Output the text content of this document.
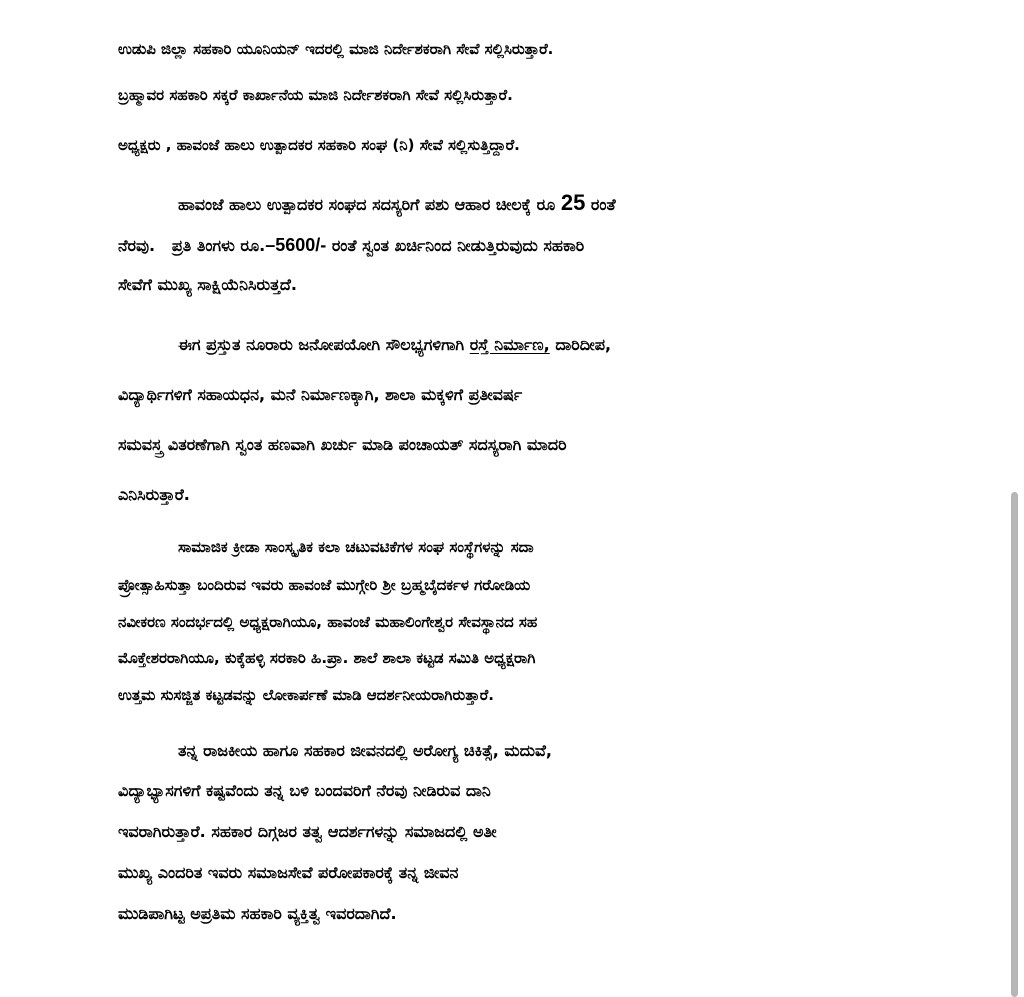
ಉಡುಪಿ ಜಿಲ್ಲಾ ಸಹಕಾರಿ ಯೂನಿಯನ್ ಇದರಲ್ಲಿ ಮಾಜಿ ನಿರ್ದೇಶಕರಾಗಿ ಸೇವೆ ಸಲ್ಲಿಸಿರುತ್ತಾರೆ.
ಬ್ರಹ್ಮಾವರ ಸಹಕಾರಿ ಸಕ್ಕರೆ ಕಾರ್ಖಾನೆಯ ಮಾಜಿ ನಿರ್ದೇಶಕರಾಗಿ ಸೇವೆ ಸಲ್ಲಿಸಿರುತ್ತಾರೆ.
ಅಧ್ಯಕ್ಷರು , ಹಾವಂಜೆ ಹಾಲು ಉತ್ಪಾದಕರ ಸಹಕಾರಿ ಸಂಘ (ನಿ) ಸೇವೆ ಸಲ್ಲಿಸುತ್ತಿದ್ದಾರೆ.
ಹಾವಂಜೆ ಹಾಲು ಉತ್ಪಾದಕರ ಸಂಘದ ಸದಸ್ಯರಿಗೆ ಪಶು ಆಹಾರ ಚೀಲಕ್ಕೆ ರೂ 25 ರಂತೆ
ನೆರವು. ಪ್ರತಿ ತಿಂಗಳು ರೂ.–5600/- ರಂತೆ ಸ್ವಂತ ಖರ್ಚಿನಿಂದ ನೀಡುತ್ತಿರುವುದು ಸಹಕಾರಿ
ಸೇವೆಗೆ ಮುಖ್ಯ ಸಾಕ್ಷಿಯೆನಿಸಿರುತ್ತದೆ.
ಈಗ ಪ್ರಸ್ತುತ ನೂರಾರು ಜನೋಪಯೋಗಿ ಸೌಲಭ್ಯಗಳಿಗಾಗಿ ರಸ್ತೆ ನಿರ್ಮಾಣ, ದಾರಿದೀಪ,
ವಿದ್ಯಾರ್ಥಿಗಳಿಗೆ ಸಹಾಯಧನ, ಮನೆ ನಿರ್ಮಾಣಕ್ಕಾಗಿ, ಶಾಲಾ ಮಕ್ಕಳಿಗೆ ಪ್ರತೀವರ್ಷ
ಸಮವಸ್ತ್ರ ವಿತರಣೆಗಾಗಿ ಸ್ವಂತ ಹಣವಾಗಿ ಖರ್ಚು ಮಾಡಿ ಪಂಚಾಯತ್ ಸದಸ್ಯರಾಗಿ ಮಾದರಿ
ಎನಿಸಿರುತ್ತಾರೆ.
ಸಾಮಾಜಿಕ ಕ್ರೀಡಾ ಸಾಂಸ್ಕೃತಿಕ ಕಲಾ ಚಟುವಟಿಕೆಗಳ ಸಂಘ ಸಂಸ್ಥೆಗಳನ್ನು ಸದಾ
ಪ್ರೋತ್ಸಾಹಿಸುತ್ತಾ ಬಂದಿರುವ ಇವರು ಹಾವಂಜೆ ಮುಗ್ಗೇರಿ ಶ್ರೀ ಬ್ರಹ್ಮಬೈದರ್ಕಳ ಗರೋಡಿಯ
ನವೀಕರಣ ಸಂದರ್ಭದಲ್ಲಿ ಅಧ್ಯಕ್ಷರಾಗಿಯೂ, ಹಾವಂಜೆ ಮಹಾಲಿಂಗೇಶ್ವರ ಸೇವಸ್ಥಾನದ ಸಹ
ಮೊಕ್ತೇಶರರಾಗಿಯೂ, ಕುಕ್ಕೆಹಳ್ಳಿ ಸರಕಾರಿ ಹಿ.ಪ್ರಾ. ಶಾಲೆ ಶಾಲಾ ಕಟ್ಟಡ ಸಮಿತಿ ಅಧ್ಯಕ್ಷರಾಗಿ
ಉತ್ತಮ ಸುಸಜ್ಜಿತ ಕಟ್ಟಡವನ್ನು ಲೋಕಾರ್ಪಣೆ ಮಾಡಿ ಆದರ್ಶನೀಯರಾಗಿರುತ್ತಾರೆ.
ತನ್ನ ರಾಜಕೀಯ ಹಾಗೂ ಸಹಕಾರ ಜೀವನದಲ್ಲಿ ಅರೋಗ್ಯ ಚಿಕಿತ್ಸೆ, ಮದುವೆ,
ವಿದ್ಯಾಭ್ಯಾಸಗಳಿಗೆ ಕಷ್ಟವೆಂದು ತನ್ನ ಬಳಿ ಬಂದವರಿಗೆ ನೆರವು ನೀಡಿರುವ ದಾನಿ
ಇವರಾಗಿರುತ್ತಾರೆ. ಸಹಕಾರ ದಿಗ್ಗಜರ ತತ್ವ ಆದರ್ಶಗಳನ್ನು ಸಮಾಜದಲ್ಲಿ ಅತೀ
ಮುಖ್ಯ ಎಂದರಿತ ಇವರು ಸಮಾಜಸೇವೆ ಪರೋಪಕಾರಕ್ಕೆ ತನ್ನ ಜೀವನ
ಮುಡಿಪಾಗಿಟ್ಟ ಅಪ್ರತಿಮ ಸಹಕಾರಿ ವ್ಯಕ್ತಿತ್ವ ಇವರದಾಗಿದೆ.
